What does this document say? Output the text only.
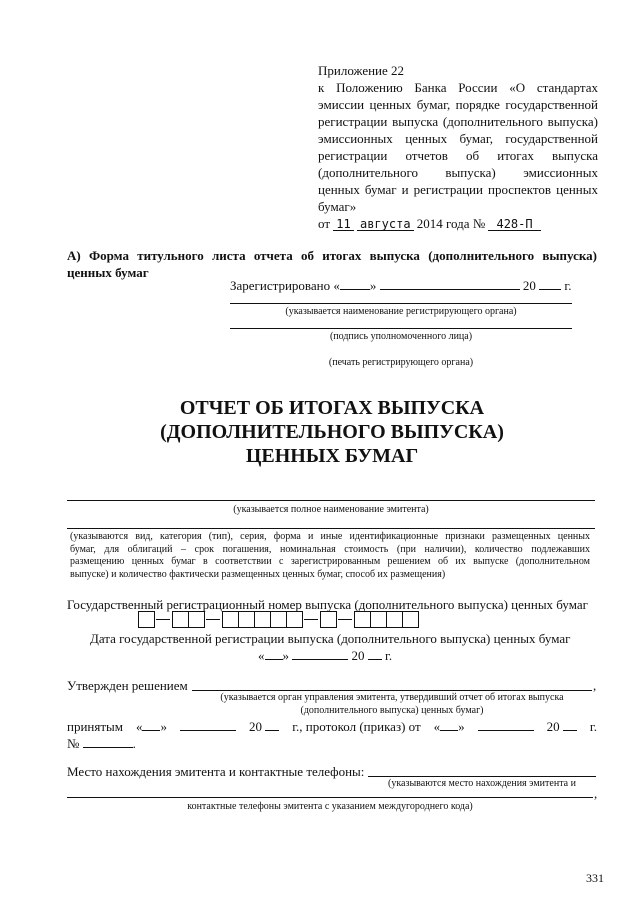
Приложение 22
к Положению Банка России «О стандартах
эмиссии ценных бумаг, порядке государственной
регистрации выпуска (дополнительного выпуска)
эмиссионных ценных бумаг, государственной
регистрации отчетов об итогах выпуска
(дополнительного выпуска) эмиссионных
ценных бумаг и регистрации проспектов ценных
бумаг»
от 11 августа 2014 года № 428-П
А) Форма титульного листа отчета об итогах выпуска (дополнительного выпуска)
ценных бумаг
Зарегистрировано « »	20 г.
(указывается наименование регистрирующего органа)
(подпись уполномоченного лица)
(печать регистрирующего органа)
ОТЧЕТ ОБ ИТОГАХ ВЫПУСКА
(ДОПОЛНИТЕЛЬНОГО ВЫПУСКА)
ЦЕННЫХ БУМАГ
(указывается полное наименование эмитента)
(указываются вид, категория (тип), серия, форма и иные идентификационные признаки размещенных ценных
бумаг, для облигаций – срок погашения, номинальная стоимость (при наличии), количество подлежавших
размещению ценных бумаг в соответствии с зарегистрированным решением об их выпуске (дополнительном
выпуске) и количество фактически размещенных ценных бумаг, способ их размещения)
Государственный регистрационный номер выпуска (дополнительного выпуска) ценных бумаг
Дата государственной регистрации выпуска (дополнительного выпуска) ценных бумаг
« »	20 г.
Утвержден решением	,
(указывается орган управления эмитента, утвердивший отчет об итогах выпуска
(дополнительного выпуска) ценных бумаг)
принятым « »	20	г., протокол (приказ) от « »	20	г.
№	.
Место нахождения эмитента и контактные телефоны:
(указываются место нахождения эмитента и
,
контактные телефоны эмитента с указанием междугороднего кода)
331
